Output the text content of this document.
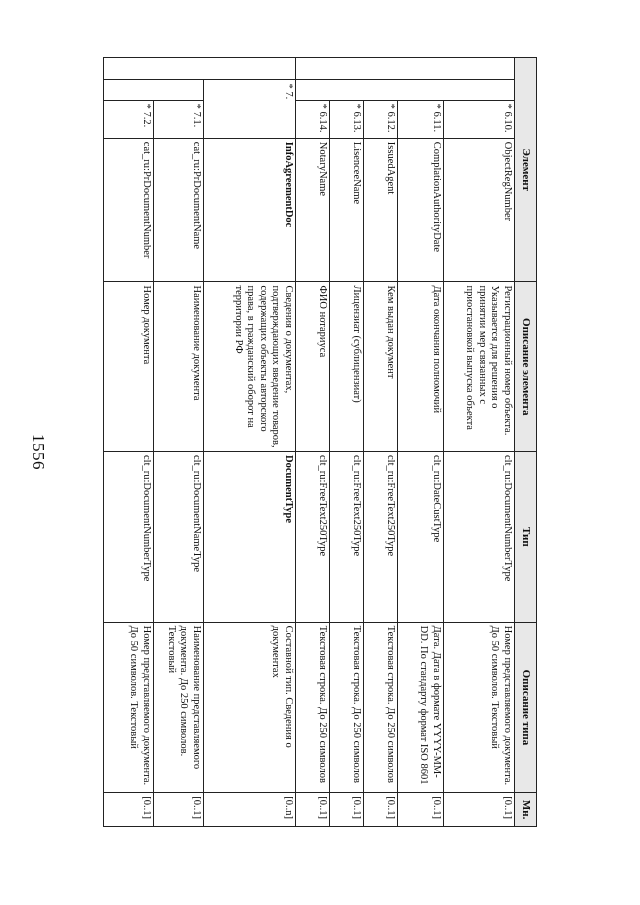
1556
Элемент				Описание элемента	Тип	Описание типа	Мн.
		* 6.10.	ObjectRegNumber	Регистрационный номер объекта. Указывается для решения о принятии мер связанных с приостановкой выпуска объекта	clt_ru:DocumentNumberType	Номер представляемого документа. До 50 символов. Текстовый	[0..1]
		* 6.11.	ComplationAuthorityDate	Дата окончания полномочий	clt_ru:DateCustType	Дата. Дата в формате YYYY-MM-DD. По стандарту формат ISO 8601	[0..1]
		* 6.12.	IssuedAgent	Кем выдан документ	clt_ru:FreeText250Type	Текстовая строка. До 250 символов	[0..1]
		* 6.13.	LisenceeName	Лицензиат (сублицензиат)	clt_ru:FreeText250Type	Текстовая строка. До 250 символов	[0..1]
		* 6.14.	NotaryName	ФИО нотариуса	clt_ru:FreeText250Type	Текстовая строка. До 250 символов	[0..1]
	* 7.		InfoAgreementDoc	Сведения о документах, подтверждающих введение товаров, содержащих объекты авторского права, в гражданский оборот на территории РФ	DocumentType	Составной тип. Сведения о документах	[0..n]
		* 7.1.	cat_ru:PrDocumentName	Наименование документа	clt_ru:DocumentNameType	Наименование представляемого документа. До 250 символов. Текстовый	[0..1]
		* 7.2.	cat_ru:PrDocumentNumber	Номер документа	clt_ru:DocumentNumberType	Номер представляемого документа. До 50 символов. Текстовый	[0..1]
